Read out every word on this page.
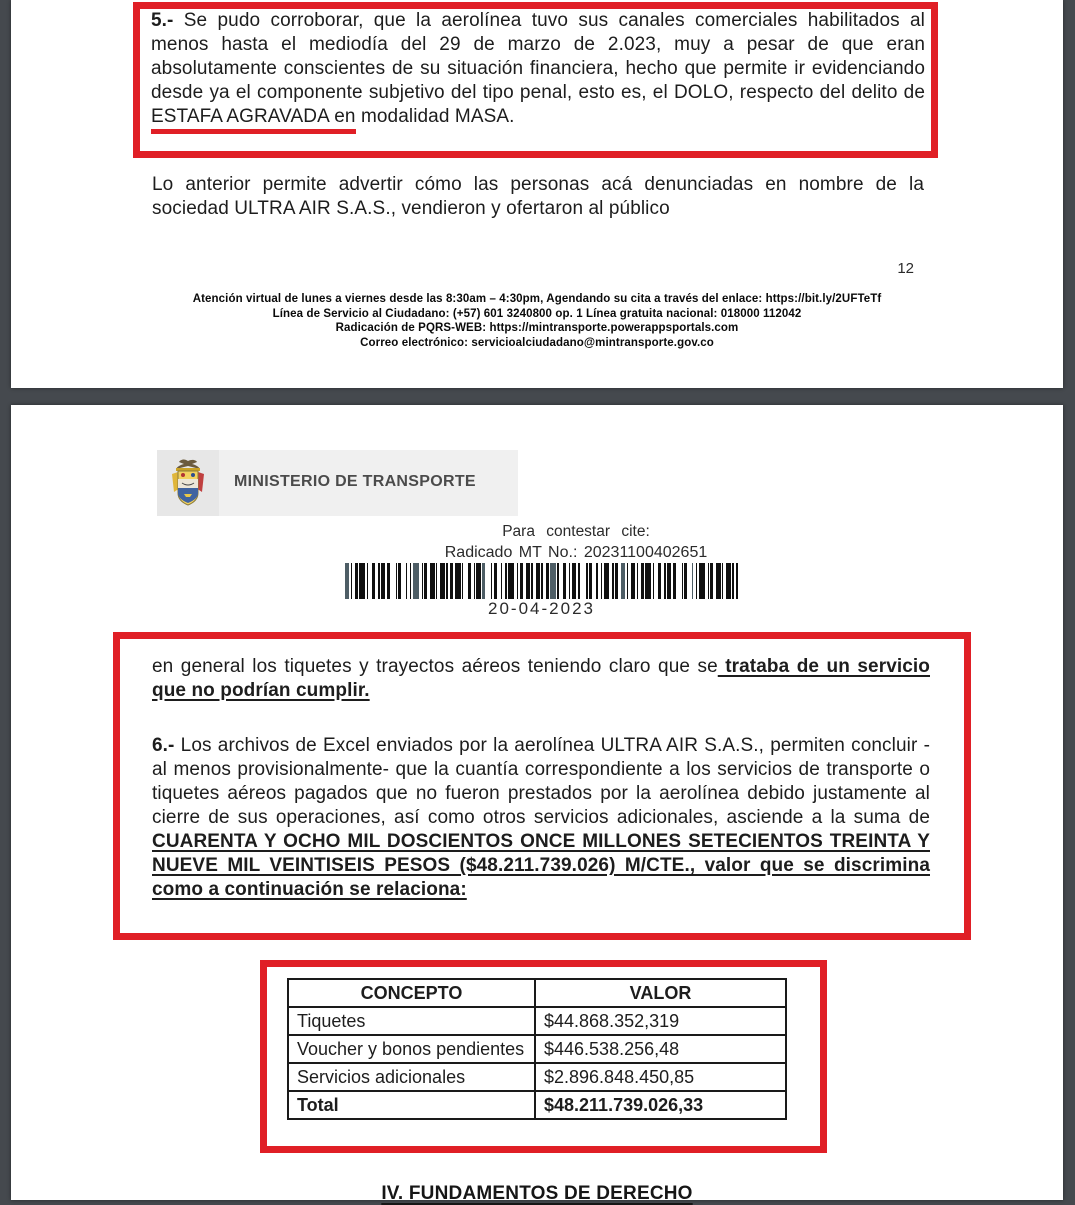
5.- Se pudo corroborar, que la aerolínea tuvo sus canales comerciales habilitados al menos hasta el mediodía del 29 de marzo de 2.023, muy a pesar de que eran absolutamente conscientes de su situación financiera, hecho que permite ir evidenciando desde ya el componente subjetivo del tipo penal, esto es, el DOLO, respecto del delito de ESTAFA AGRAVADA en modalidad MASA.
Lo anterior permite advertir cómo las personas acá denunciadas en nombre de la sociedad ULTRA AIR S.A.S., vendieron y ofertaron al público
12
Atención virtual de lunes a viernes desde las 8:30am – 4:30pm, Agendando su cita a través del enlace: https://bit.ly/2UFTeTf
Línea de Servicio al Ciudadano: (+57) 601 3240800 op. 1 Línea gratuita nacional: 018000 112042
Radicación de PQRS-WEB: https://mintransporte.powerappsportals.com
Correo electrónico: servicioalciudadano@mintransporte.gov.co
MINISTERIO DE TRANSPORTE
Para contestar cite:
Radicado MT No.: 20231100402651
20-04-2023
en general los tiquetes y trayectos aéreos teniendo claro que se trataba de un servicio que no podrían cumplir.
6.- Los archivos de Excel enviados por la aerolínea ULTRA AIR S.A.S., permiten concluir -al menos provisionalmente- que la cuantía correspondiente a los servicios de transporte o tiquetes aéreos pagados que no fueron prestados por la aerolínea debido justamente al cierre de sus operaciones, así como otros servicios adicionales, asciende a la suma de CUARENTA Y OCHO MIL DOSCIENTOS ONCE MILLONES SETECIENTOS TREINTA Y NUEVE MIL VEINTISEIS PESOS ($48.211.739.026) M/CTE., valor que se discrimina como a continuación se relaciona:
CONCEPTO	VALOR
Tiquetes	$44.868.352,319
Voucher y bonos pendientes	$446.538.256,48
Servicios adicionales	$2.896.848.450,85
Total	$48.211.739.026,33
IV. FUNDAMENTOS DE DERECHO
